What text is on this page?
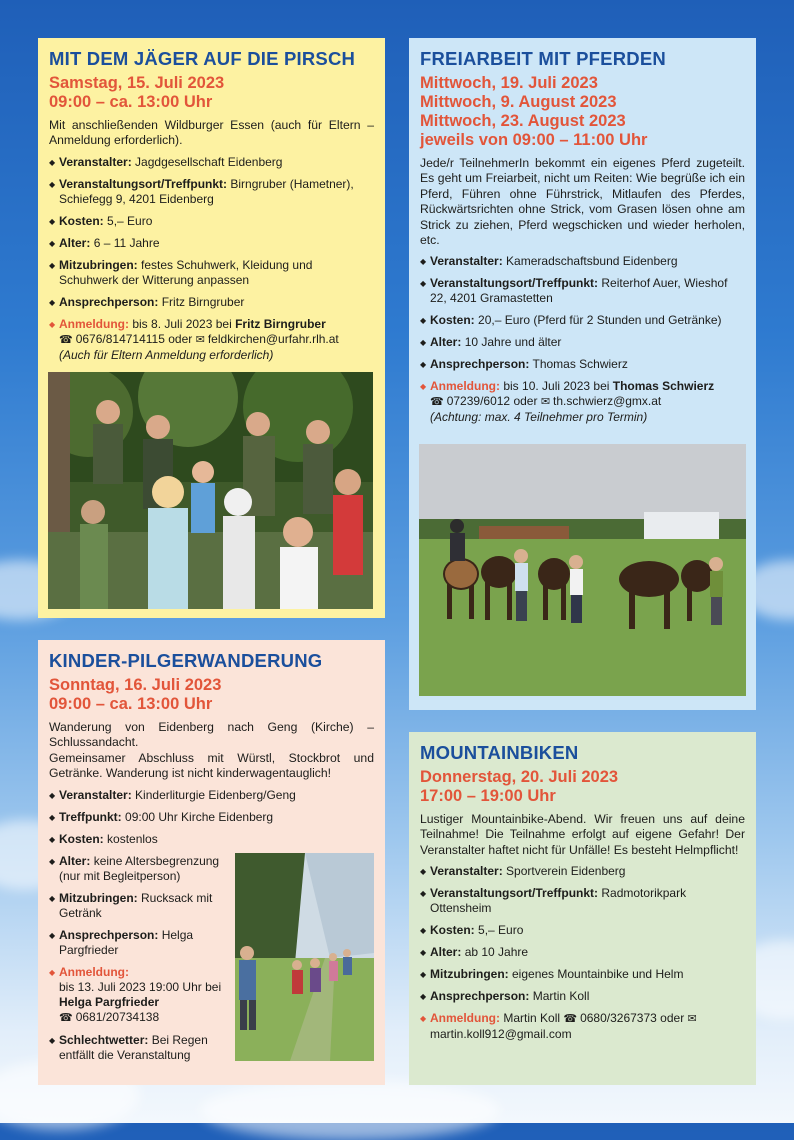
MIT DEM JÄGER AUF DIE PIRSCH
Samstag, 15. Juli 2023
09:00 – ca. 13:00 Uhr

Mit anschließenden Wildburger Essen (auch für Eltern – Anmeldung erforderlich).

◆ Veranstalter: Jagdgesellschaft Eidenberg
◆ Veranstaltungsort/Treffpunkt: Birngruber (Hametner), Schiefegg 9, 4201 Eidenberg
◆ Kosten: 5,– Euro
◆ Alter: 6 – 11 Jahre
◆ Mitzubringen: festes Schuhwerk, Kleidung und Schuhwerk der Witterung anpassen
◆ Ansprechperson: Fritz Birngruber
◆ Anmeldung: bis 8. Juli 2023 bei Fritz Birngruber
☎ 0676/814714115 oder ✉ feldkirchen@urfahr.rlh.at
(Auch für Eltern Anmeldung erforderlich)
FREIARBEIT MIT PFERDEN
Mittwoch, 19. Juli 2023
Mittwoch, 9. August 2023
Mittwoch, 23. August 2023
jeweils von 09:00 – 11:00 Uhr

Jede/r TeilnehmerIn bekommt ein eigenes Pferd zugeteilt. Es geht um Freiarbeit, nicht um Reiten: Wie begrüße ich ein Pferd, Führen ohne Führstrick, Mitlaufen des Pferdes, Rückwärtsrichten ohne Strick, vom Grasen lösen ohne am Strick zu ziehen, Pferd wegschicken und wieder herholen, etc.

◆ Veranstalter: Kameradschaftsbund Eidenberg
◆ Veranstaltungsort/Treffpunkt: Reiterhof Auer, Wieshof 22, 4201 Gramastetten
◆ Kosten: 20,– Euro (Pferd für 2 Stunden und Getränke)
◆ Alter: 10 Jahre und älter
◆ Ansprechperson: Thomas Schwierz
◆ Anmeldung: bis 10. Juli 2023 bei Thomas Schwierz
☎ 07239/6012 oder ✉ th.schwierz@gmx.at
(Achtung: max. 4 Teilnehmer pro Termin)
KINDER-PILGERWANDERUNG
Sonntag, 16. Juli 2023
09:00 – ca. 13:00 Uhr

Wanderung von Eidenberg nach Geng (Kirche) – Schlussandacht.

Gemeinsamer Abschluss mit Würstl, Stockbrot und Getränke. Wanderung ist nicht kinderwagentauglich!

◆ Veranstalter: Kinderliturgie Eidenberg/Geng
◆ Treffpunkt: 09:00 Uhr Kirche Eidenberg
◆ Kosten: kostenlos
◆ Alter: keine Altersbegrenzung (nur mit Begleitperson)
◆ Mitzubringen: Rucksack mit Getränk
◆ Ansprechperson: Helga Pargfrieder
◆ Anmeldung:
bis 13. Juli 2023 19:00 Uhr bei Helga Pargfrieder
☎ 0681/20734138
◆ Schlechtwetter: Bei Regen entfällt die Veranstaltung
MOUNTAINBIKEN
Donnerstag, 20. Juli 2023
17:00 – 19:00 Uhr

Lustiger Mountainbike-Abend. Wir freuen uns auf deine Teilnahme! Die Teilnahme erfolgt auf eigene Gefahr! Der Veranstalter haftet nicht für Unfälle! Es besteht Helmpflicht!

◆ Veranstalter: Sportverein Eidenberg
◆ Veranstaltungsort/Treffpunkt: Radmotorikpark Ottensheim
◆ Kosten: 5,– Euro
◆ Alter: ab 10 Jahre
◆ Mitzubringen: eigenes Mountainbike und Helm
◆ Ansprechperson: Martin Koll
◆ Anmeldung: Martin Koll ☎ 0680/3267373 oder ✉martin.koll912@gmail.com
